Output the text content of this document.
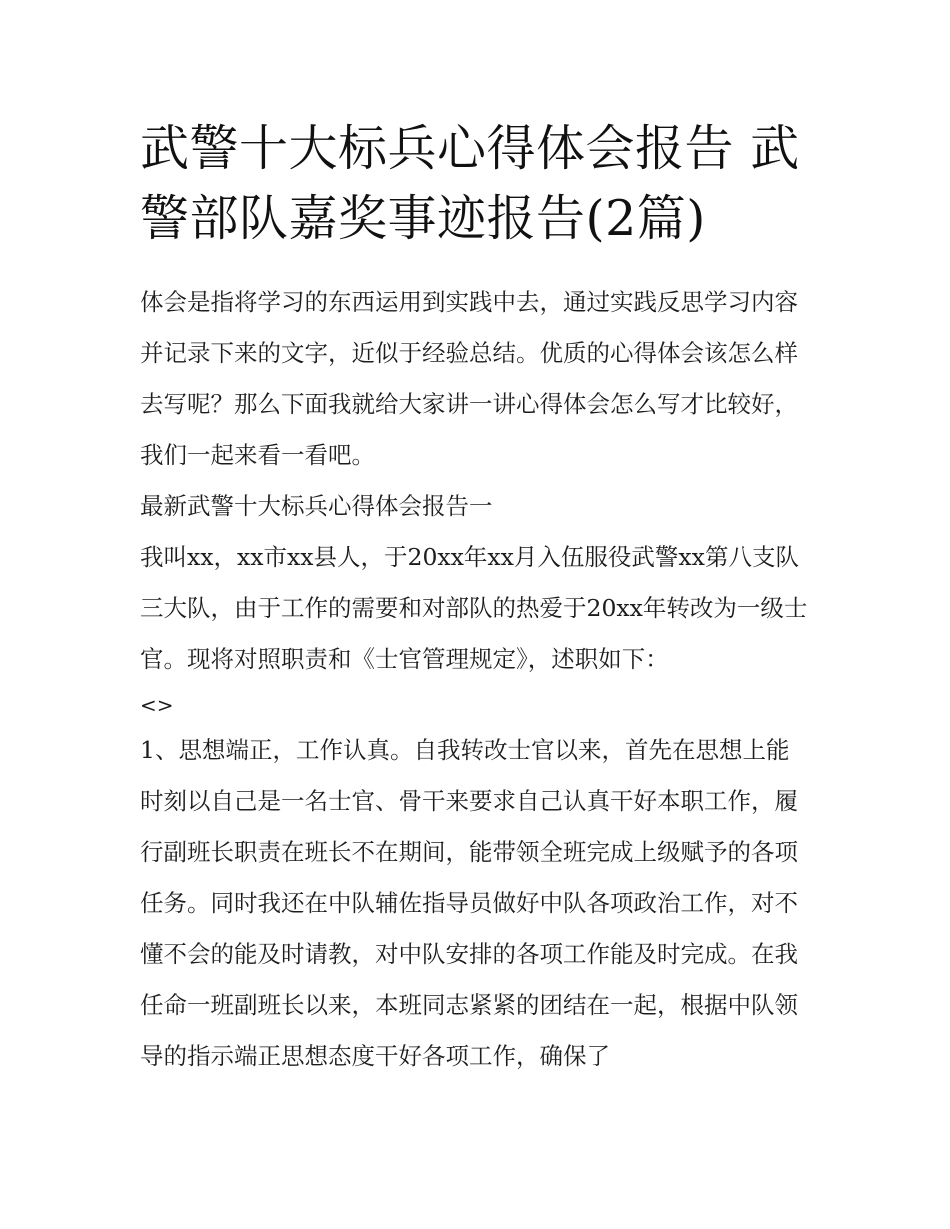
武警十大标兵心得体会报告 武警部队嘉奖事迹报告(2篇)

体会是指将学习的东西运用到实践中去，通过实践反思学习内容并记录下来的文字，近似于经验总结。优质的心得体会该怎么样去写呢？那么下面我就给大家讲一讲心得体会怎么写才比较好，我们一起来看一看吧。

最新武警十大标兵心得体会报告一

我叫xx，xx市xx县人，于20xx年xx月入伍服役武警xx第八支队三大队，由于工作的需要和对部队的热爱于20xx年转改为一级士官。现将对照职责和《士官管理规定》，述职如下：

<>

1、思想端正，工作认真。自我转改士官以来，首先在思想上能时刻以自己是一名士官、骨干来要求自己认真干好本职工作，履行副班长职责在班长不在期间，能带领全班完成上级赋予的各项任务。同时我还在中队辅佐指导员做好中队各项政治工作，对不懂不会的能及时请教，对中队安排的各项工作能及时完成。在我任命一班副班长以来，本班同志紧紧的团结在一起，根据中队领导的指示端正思想态度干好各项工作，确保了
